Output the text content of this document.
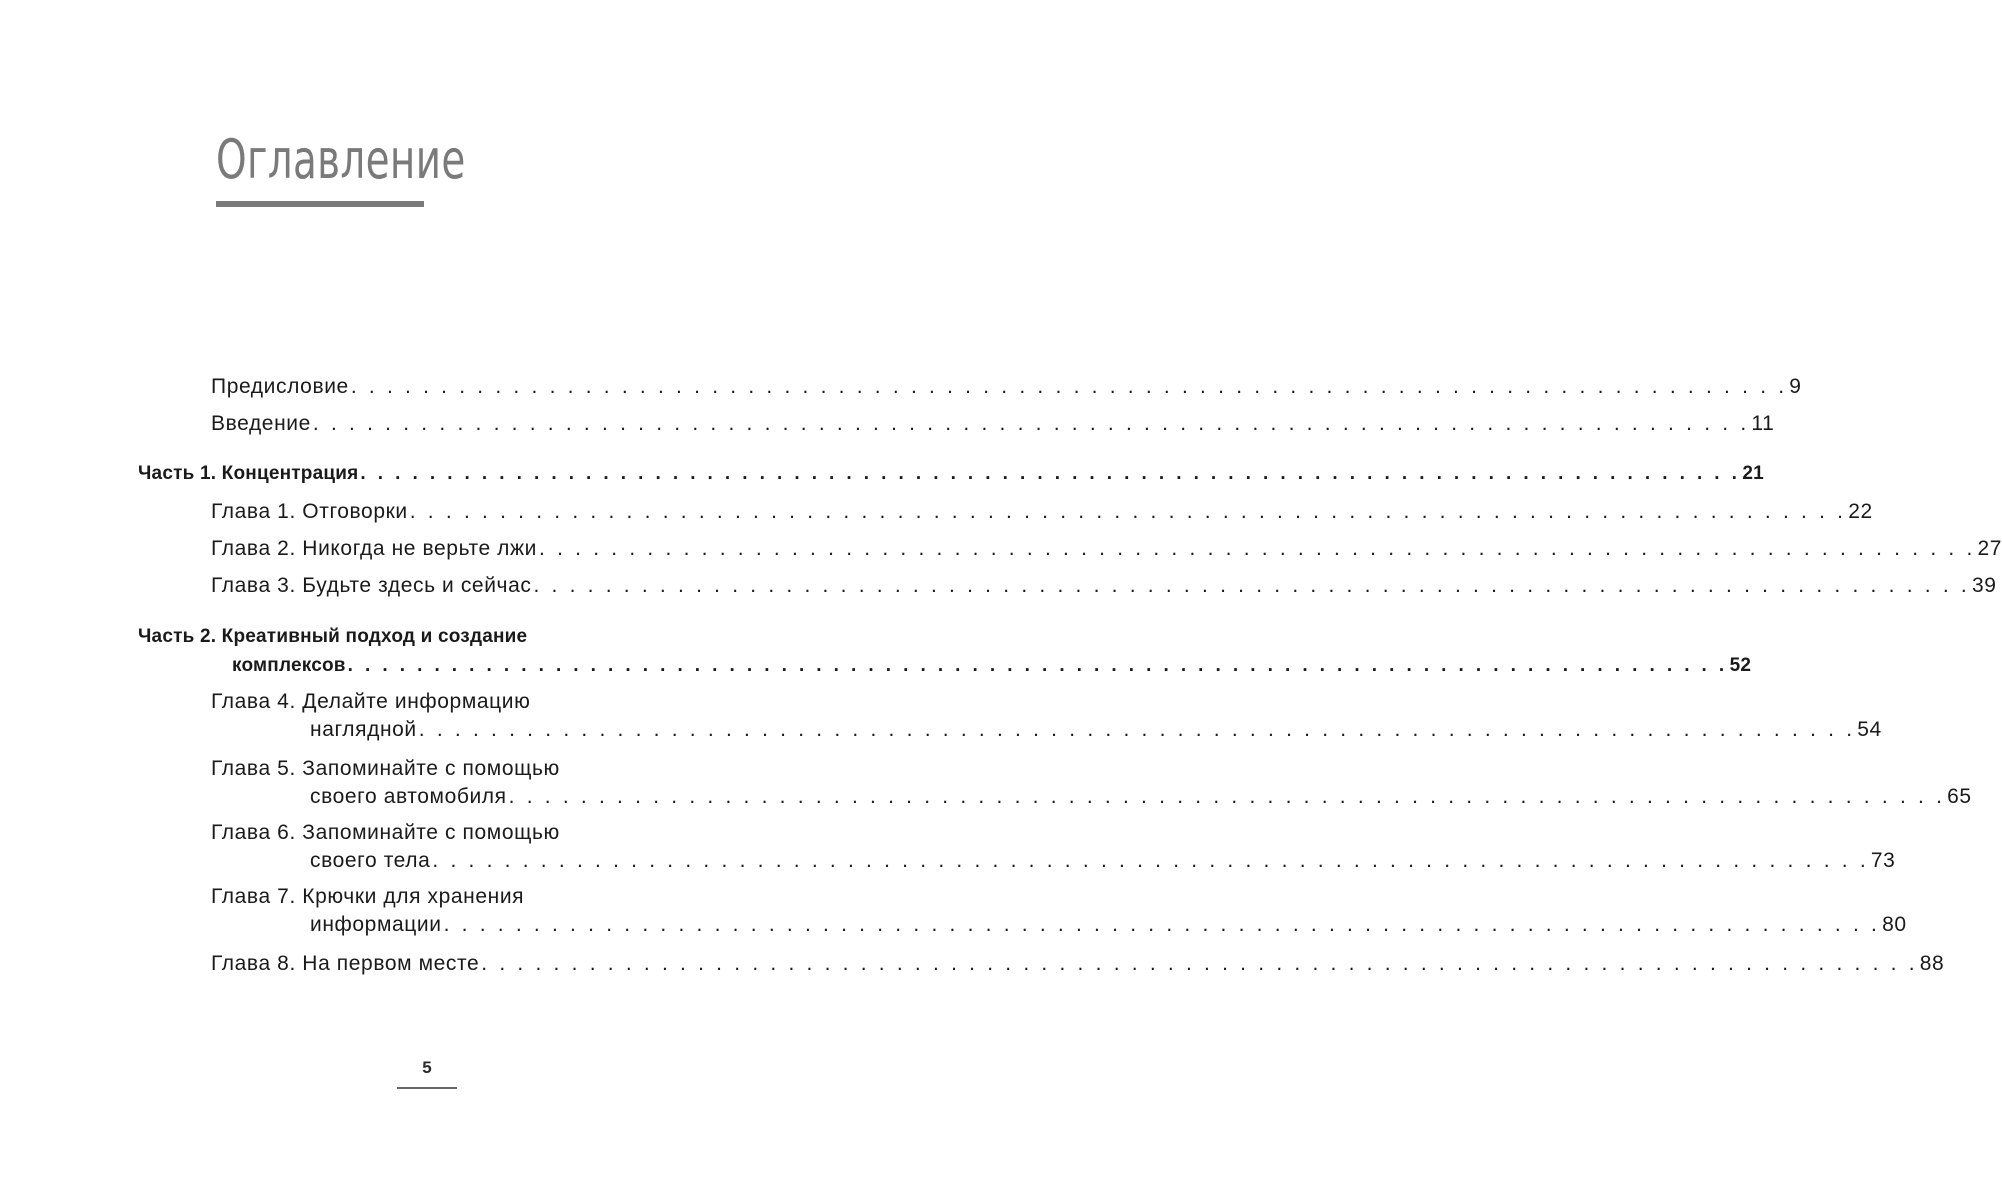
Оглавление
Предисловие . . . . . . . . . . . . . . . . . . . . . . . . . . . . . . . . . . . . . . . . . . . . . . . . . . . . . . . . . . . . . . . . . . . . . . . . . . . . . . . . 9
Введение . . . . . . . . . . . . . . . . . . . . . . . . . . . . . . . . . . . . . . . . . . . . . . . . . . . . . . . . . . . . . . . . . . . . . . . . . . . . . . . . 11
Часть 1. Концентрация . . . . . . . . . . . . . . . . . . . . . . . . . . . . . . . . . . . . . . . . . . . . . . . . . . . . . . . . . . . . . . . . . . . . . . . . . . . . . . . . 21
Глава 1. Отговорки . . . . . . . . . . . . . . . . . . . . . . . . . . . . . . . . . . . . . . . . . . . . . . . . . . . . . . . . . . . . . . . . . . . . . . . . . . . . . . . . 22
Глава 2. Никогда не верьте лжи . . . . . . . . . . . . . . . . . . . . . . . . . . . . . . . . . . . . . . . . . . . . . . . . . . . . . . . . . . . . . . . . . . . . . . . . . . . . . . . . 27
Глава 3. Будьте здесь и сейчас . . . . . . . . . . . . . . . . . . . . . . . . . . . . . . . . . . . . . . . . . . . . . . . . . . . . . . . . . . . . . . . . . . . . . . . . . . . . . . . . 39
Часть 2. Креативный подход и создание
комплексов . . . . . . . . . . . . . . . . . . . . . . . . . . . . . . . . . . . . . . . . . . . . . . . . . . . . . . . . . . . . . . . . . . . . . . . . . . . . . . . . 52
Глава 4. Делайте информацию
наглядной . . . . . . . . . . . . . . . . . . . . . . . . . . . . . . . . . . . . . . . . . . . . . . . . . . . . . . . . . . . . . . . . . . . . . . . . . . . . . . . . 54
Глава 5. Запоминайте с помощью
своего автомобиля . . . . . . . . . . . . . . . . . . . . . . . . . . . . . . . . . . . . . . . . . . . . . . . . . . . . . . . . . . . . . . . . . . . . . . . . . . . . . . . . 65
Глава 6. Запоминайте с помощью
своего тела . . . . . . . . . . . . . . . . . . . . . . . . . . . . . . . . . . . . . . . . . . . . . . . . . . . . . . . . . . . . . . . . . . . . . . . . . . . . . . . . 73
Глава 7. Крючки для хранения
информации . . . . . . . . . . . . . . . . . . . . . . . . . . . . . . . . . . . . . . . . . . . . . . . . . . . . . . . . . . . . . . . . . . . . . . . . . . . . . . . . 80
Глава 8. На первом месте . . . . . . . . . . . . . . . . . . . . . . . . . . . . . . . . . . . . . . . . . . . . . . . . . . . . . . . . . . . . . . . . . . . . . . . . . . . . . . . . 88
5
